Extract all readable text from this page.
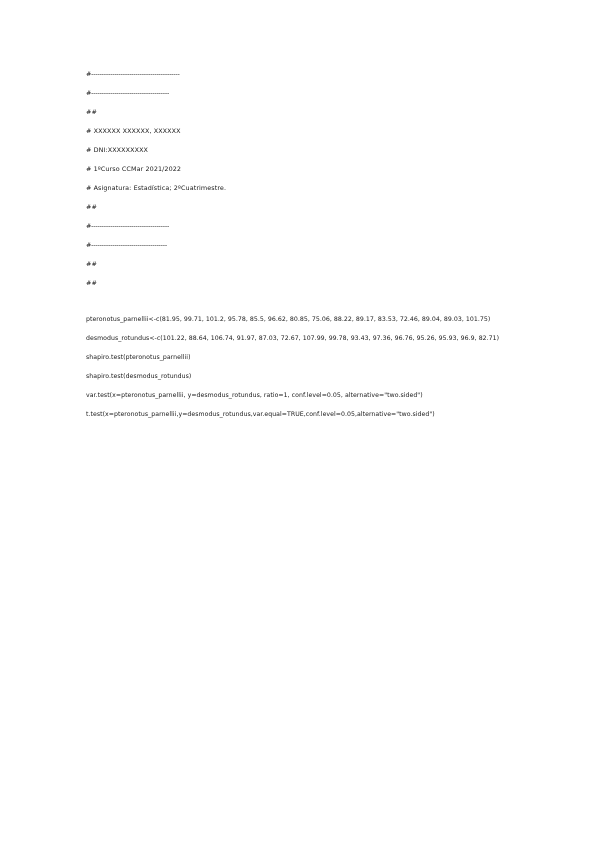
#------------------------------------------
#-------------------------------------
##
# XXXXXX XXXXXX, XXXXXX
# DNI:XXXXXXXXX
# 1ºCurso CCMar 2021/2022
# Asignatura: Estadística; 2ºCuatrimestre.
##
#-------------------------------------
#------------------------------------
##
##
pteronotus_parnellii<-c(81.95, 99.71, 101.2, 95.78, 85.5, 96.62, 80.85, 75.06, 88.22, 89.17, 83.53, 72.46, 89.04, 89.03, 101.75)
desmodus_rotundus<-c(101.22, 88.64, 106.74, 91.97, 87.03, 72.67, 107.99, 99.78, 93.43, 97.36, 96.76, 95.26, 95.93, 96.9, 82.71)
shapiro.test(pteronotus_parnellii)
shapiro.test(desmodus_rotundus)
var.test(x=pteronotus_parnellii, y=desmodus_rotundus, ratio=1, conf.level=0.05, alternative="two.sided")
t.test(x=pteronotus_parnellii,y=desmodus_rotundus,var.equal=TRUE,conf.level=0.05,alternative="two.sided")
